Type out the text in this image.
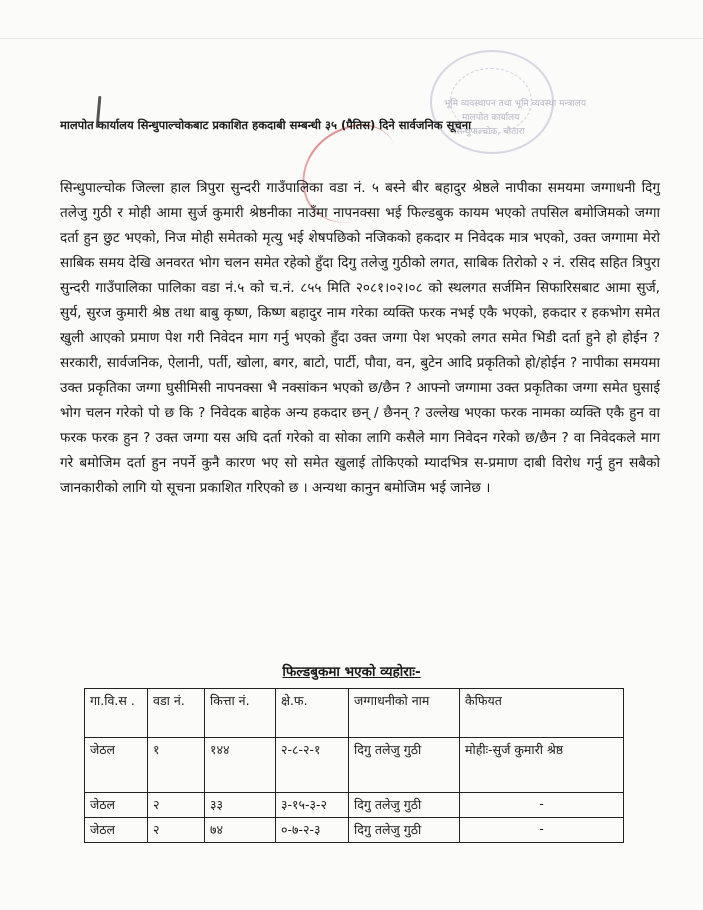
भूमि व्यवस्थापन तथा भूमि व्यवस्था मन्त्रालय
मालपोत कार्यालय
सिन्धुपाल्चोक, चौतारा
मालपोत कार्यालय सिन्धुपाल्चोकबाट प्रकाशित हकदाबी सम्बन्धी ३५ (पैतिस) दिने सार्वजनिक सूचना

सिन्धुपाल्चोक जिल्ला हाल त्रिपुरा सुन्दरी गाउँपालिका वडा नं. ५ बस्ने बीर बहादुर श्रेष्ठले नापीका समयमा जग्गाधनी दिगु तलेजु गुठी र मोही आमा सुर्ज कुमारी श्रेष्ठनीका नाउँमा नापनक्सा भई फिल्डबुक कायम भएको तपसिल बमोजिमको जग्गा दर्ता हुन छुट भएको, निज मोही समेतको मृत्यु भई शेषपछिको नजिकको हकदार म निवेदक मात्र भएको, उक्त जग्गामा मेरो साबिक समय देखि अनवरत भोग चलन समेत रहेको हुँदा दिगु तलेजु गुठीको लगत, साबिक तिरोको २ नं. रसिद सहित त्रिपुरा सुन्दरी गाउँपालिका पालिका वडा नं.५ को च.नं. ८५५ मिति २०८१।०२।०८ को स्थलगत सर्जमिन सिफारिसबाट आमा सुर्ज, सुर्य, सुरज कुमारी श्रेष्ठ तथा बाबु कृष्ण, किष्ण बहादुर नाम गरेका व्यक्ति फरक नभई एकै भएको, हकदार र हकभोग समेत खुली आएको प्रमाण पेश गरी निवेदन माग गर्नु भएको हुँदा उक्त जग्गा पेश भएको लगत समेत भिडी दर्ता हुने हो होईन ? सरकारी, सार्वजनिक, ऐलानी, पर्ती, खोला, बगर, बाटो, पार्टी, पौवा, वन, बुटेन आदि प्रकृतिको हो/होईन ? नापीका समयमा उक्त प्रकृतिका जग्गा घुसीमिसी नापनक्सा भै नक्सांकन भएको छ/छैन ? आफ्नो जग्गामा उक्त प्रकृतिका जग्गा समेत घुसाई भोग चलन गरेको पो छ कि ? निवेदक बाहेक अन्य हकदार छन् / छैनन् ? उल्लेख भएका फरक नामका व्यक्ति एकै हुन वा फरक फरक हुन ? उक्त जग्गा यस अघि दर्ता गरेको वा सोका लागि कसैले माग निवेदन गरेको छ/छैन ? वा निवेदकले माग गरे बमोजिम दर्ता हुन नपर्ने कुनै कारण भए सो समेत खुलाई तोकिएको म्यादभित्र स-प्रमाण दाबी विरोध गर्नु हुन सबैको जानकारीको लागि यो सूचना प्रकाशित गरिएको छ । अन्यथा कानुन बमोजिम भई जानेछ ।

फिल्डबुकमा भएको व्यहोराः-
गा.वि.स .	वडा नं.	कित्ता नं.	क्षे.फ.	जग्गाधनीको नाम	कैफियत
जेठल	१	१४४	२-८-२-१	दिगु तलेजु गुठी	मोहीः-सुर्ज कुमारी श्रेष्ठ
जेठल	२	३३	३-१५-३-२	दिगु तलेजु गुठी	-
जेठल	२	७४	०-७-२-३	दिगु तलेजु गुठी	-
